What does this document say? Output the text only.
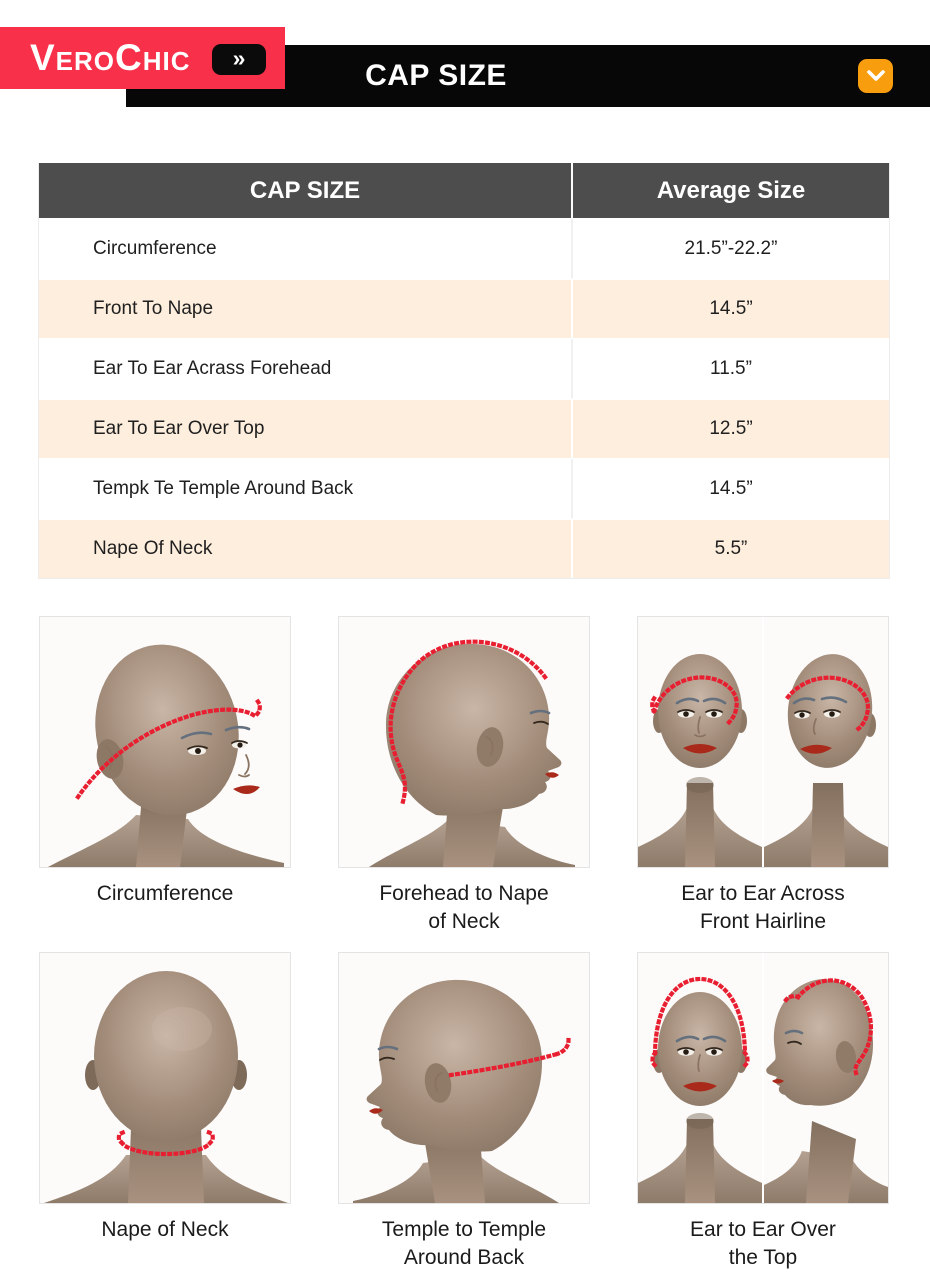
CAP SIZE
VeroChic	»
CAP SIZE	Average Size
Circumference	21.5”-22.2”
Front To Nape	14.5”
Ear To Ear Acrass Forehead	11.5”
Ear To Ear Over Top	12.5”
Tempk Te Temple Around Back	14.5”
Nape Of Neck	5.5”
Circumference	Forehead to Nape
of Neck
Ear to Ear Across
Front Hairline
Nape of Neck	Temple to Temple
Around Back
Ear to Ear Over
the Top
